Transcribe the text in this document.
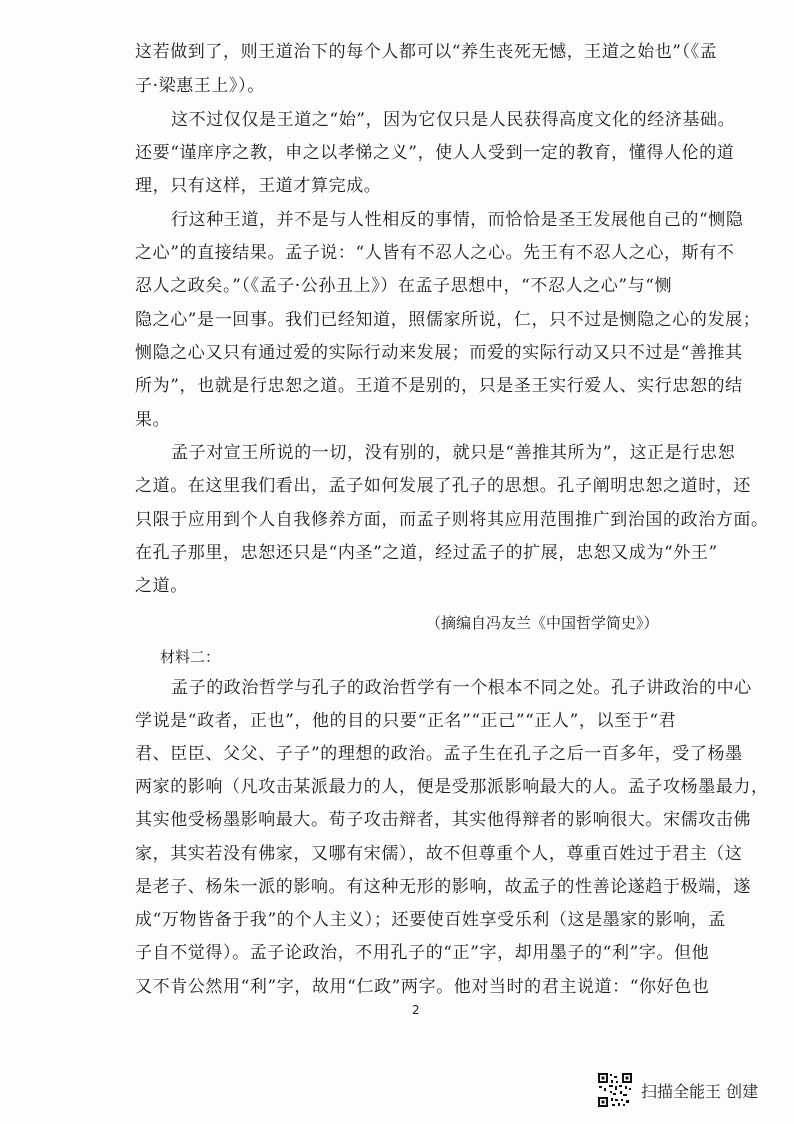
这若做到了，则王道治下的每个人都可以“养生丧死无憾，王道之始也”（《孟
子·梁惠王上》）。
这不过仅仅是王道之“始”，因为它仅只是人民获得高度文化的经济基础。
还要“谨庠序之教，申之以孝悌之义”，使人人受到一定的教育，懂得人伦的道
理，只有这样，王道才算完成。
行这种王道，并不是与人性相反的事情，而恰恰是圣王发展他自己的“恻隐
之心”的直接结果。孟子说：“人皆有不忍人之心。先王有不忍人之心，斯有不
忍人之政矣。”（《孟子·公孙丑上》）在孟子思想中，“不忍人之心”与“恻
隐之心”是一回事。我们已经知道，照儒家所说，仁，只不过是恻隐之心的发展；
恻隐之心又只有通过爱的实际行动来发展；而爱的实际行动又只不过是“善推其
所为”，也就是行忠恕之道。王道不是别的，只是圣王实行爱人、实行忠恕的结
果。
孟子对宣王所说的一切，没有别的，就只是“善推其所为”，这正是行忠恕
之道。在这里我们看出，孟子如何发展了孔子的思想。孔子阐明忠恕之道时，还
只限于应用到个人自我修养方面，而孟子则将其应用范围推广到治国的政治方面。
在孔子那里，忠恕还只是“内圣”之道，经过孟子的扩展，忠恕又成为“外王”
之道。
（摘编自冯友兰《中国哲学简史》）
材料二：
孟子的政治哲学与孔子的政治哲学有一个根本不同之处。孔子讲政治的中心
学说是“政者，正也”，他的目的只要“正名”“正己”“正人”，以至于“君
君、臣臣、父父、子子”的理想的政治。孟子生在孔子之后一百多年，受了杨墨
两家的影响（凡攻击某派最力的人，便是受那派影响最大的人。孟子攻杨墨最力，
其实他受杨墨影响最大。荀子攻击辩者，其实他得辩者的影响很大。宋儒攻击佛
家，其实若没有佛家，又哪有宋儒），故不但尊重个人，尊重百姓过于君主（这
是老子、杨朱一派的影响。有这种无形的影响，故孟子的性善论遂趋于极端，遂
成“万物皆备于我”的个人主义）；还要使百姓享受乐利（这是墨家的影响，孟
子自不觉得）。孟子论政治，不用孔子的“正”字，却用墨子的“利”字。但他
又不肯公然用“利”字，故用“仁政”两字。他对当时的君主说道：“你好色也
2
扫描全能王 创建
